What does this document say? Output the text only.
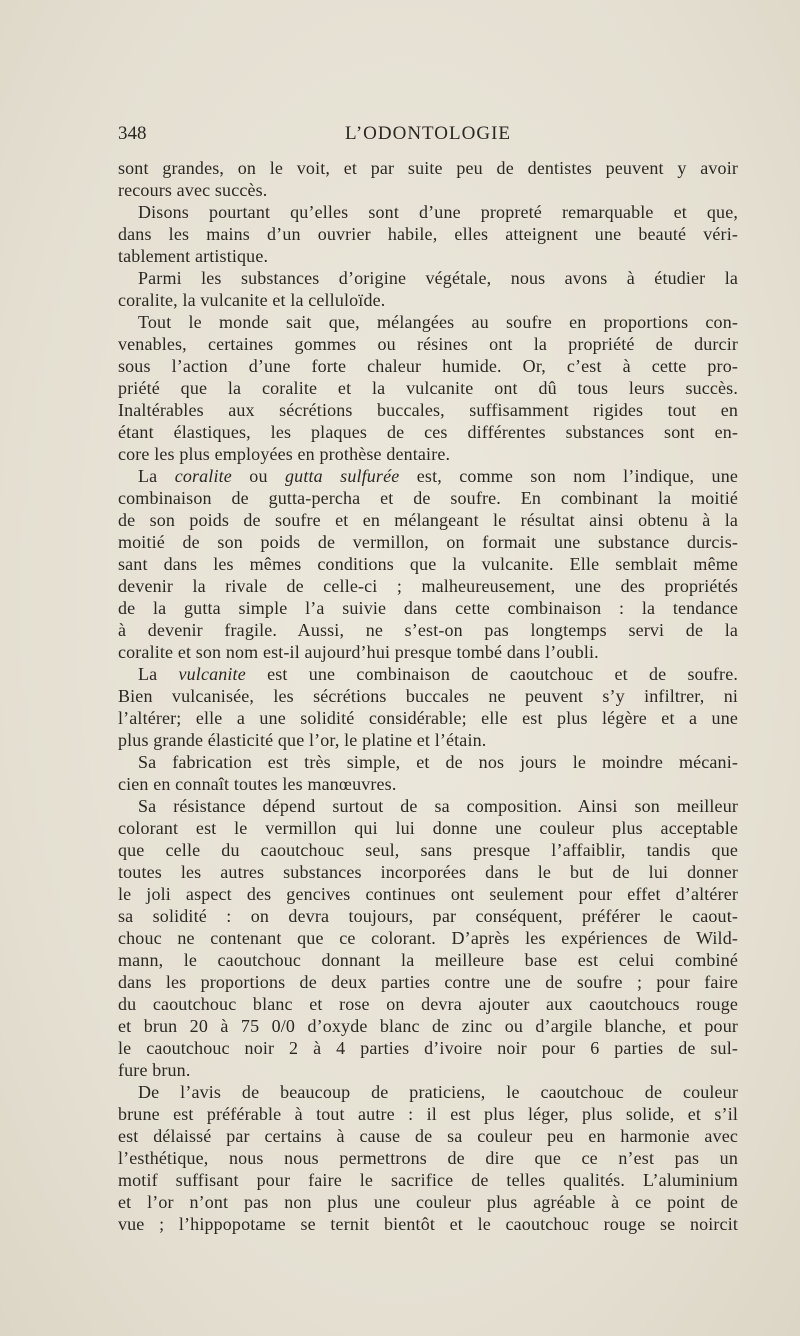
348	L’ODONTOLOGIE
sont grandes, on le voit, et par suite peu de dentistes peuvent y avoir
recours avec succès.
Disons pourtant qu’elles sont d’une propreté remarquable et que,
dans les mains d’un ouvrier habile, elles atteignent une beauté véri-
tablement artistique.
Parmi les substances d’origine végétale, nous avons à étudier la
coralite, la vulcanite et la celluloïde.
Tout le monde sait que, mélangées au soufre en proportions con-
venables, certaines gommes ou résines ont la propriété de durcir
sous l’action d’une forte chaleur humide. Or, c’est à cette pro-
priété que la coralite et la vulcanite ont dû tous leurs succès.
Inaltérables aux sécrétions buccales, suffisamment rigides tout en
étant élastiques, les plaques de ces différentes substances sont en-
core les plus employées en prothèse dentaire.
La coralite ou gutta sulfurée est, comme son nom l’indique, une
combinaison de gutta-percha et de soufre. En combinant la moitié
de son poids de soufre et en mélangeant le résultat ainsi obtenu à la
moitié de son poids de vermillon, on formait une substance durcis-
sant dans les mêmes conditions que la vulcanite. Elle semblait même
devenir la rivale de celle-ci ; malheureusement, une des propriétés
de la gutta simple l’a suivie dans cette combinaison : la tendance
à devenir fragile. Aussi, ne s’est-on pas longtemps servi de la
coralite et son nom est-il aujourd’hui presque tombé dans l’oubli.
La vulcanite est une combinaison de caoutchouc et de soufre.
Bien vulcanisée, les sécrétions buccales ne peuvent s’y infiltrer, ni
l’altérer; elle a une solidité considérable; elle est plus légère et a une
plus grande élasticité que l’or, le platine et l’étain.
Sa fabrication est très simple, et de nos jours le moindre mécani-
cien en connaît toutes les manœuvres.
Sa résistance dépend surtout de sa composition. Ainsi son meilleur
colorant est le vermillon qui lui donne une couleur plus acceptable
que celle du caoutchouc seul, sans presque l’affaiblir, tandis que
toutes les autres substances incorporées dans le but de lui donner
le joli aspect des gencives continues ont seulement pour effet d’altérer
sa solidité : on devra toujours, par conséquent, préférer le caout-
chouc ne contenant que ce colorant. D’après les expériences de Wild-
mann, le caoutchouc donnant la meilleure base est celui combiné
dans les proportions de deux parties contre une de soufre ; pour faire
du caoutchouc blanc et rose on devra ajouter aux caoutchoucs rouge
et brun 20 à 75 0/0 d’oxyde blanc de zinc ou d’argile blanche, et pour
le caoutchouc noir 2 à 4 parties d’ivoire noir pour 6 parties de sul-
fure brun.
De l’avis de beaucoup de praticiens, le caoutchouc de couleur
brune est préférable à tout autre : il est plus léger, plus solide, et s’il
est délaissé par certains à cause de sa couleur peu en harmonie avec
l’esthétique, nous nous permettrons de dire que ce n’est pas un
motif suffisant pour faire le sacrifice de telles qualités. L’aluminium
et l’or n’ont pas non plus une couleur plus agréable à ce point de
vue ; l’hippopotame se ternit bientôt et le caoutchouc rouge se noircit
